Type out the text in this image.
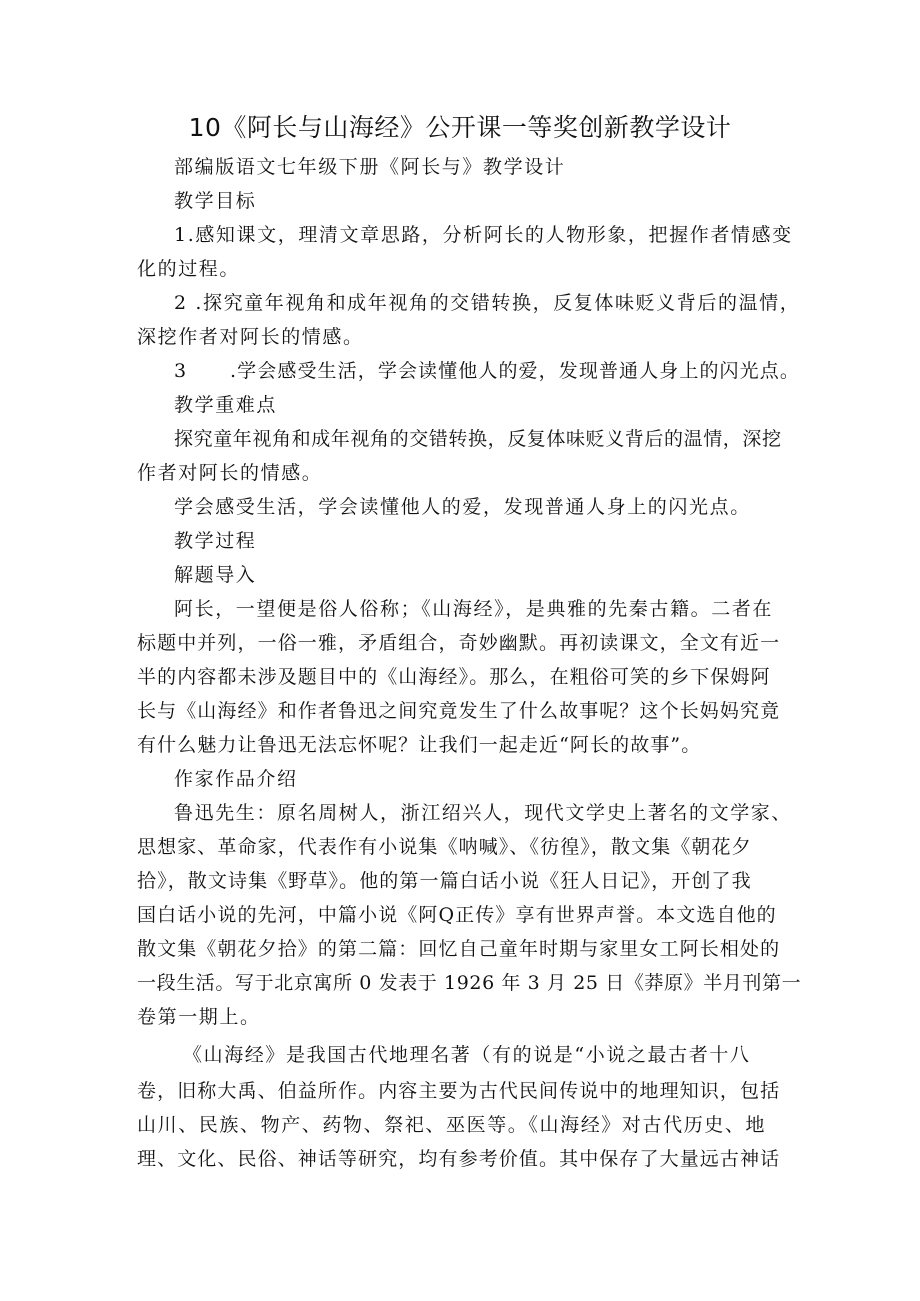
10《阿长与山海经》公开课一等奖创新教学设计
部编版语文七年级下册《阿长与》教学设计
教学目标
1.感知课文，理清文章思路，分析阿长的人物形象，把握作者情感变
化的过程。
2 .探究童年视角和成年视角的交错转换，反复体味贬义背后的温情，
深挖作者对阿长的情感。
3 .学会感受生活，学会读懂他人的爱，发现普通人身上的闪光点。
教学重难点
探究童年视角和成年视角的交错转换，反复体味贬义背后的温情，深挖
作者对阿长的情感。
学会感受生活，学会读懂他人的爱，发现普通人身上的闪光点。
教学过程
解题导入
阿长，一望便是俗人俗称；《山海经》，是典雅的先秦古籍。二者在
标题中并列，一俗一雅，矛盾组合，奇妙幽默。再初读课文，全文有近一
半的内容都未涉及题目中的《山海经》。那么，在粗俗可笑的乡下保姆阿
长与《山海经》和作者鲁迅之间究竟发生了什么故事呢？这个长妈妈究竟
有什么魅力让鲁迅无法忘怀呢？让我们一起走近“阿长的故事”。
作家作品介绍
鲁迅先生：原名周树人，浙江绍兴人，现代文学史上著名的文学家、
思想家、革命家，代表作有小说集《呐喊》、《彷徨》，散文集《朝花夕
拾》，散文诗集《野草》。他的第一篇白话小说《狂人日记》，开创了我
国白话小说的先河，中篇小说《阿Q正传》享有世界声誉。本文选自他的
散文集《朝花夕拾》的第二篇：回忆自己童年时期与家里女工阿长相处的
一段生活。写于北京寓所 0 发表于 1926 年 3 月 25 日《莽原》半月刊第一
卷第一期上。
《山海经》是我国古代地理名著（有的说是“小说之最古者十八
卷，旧称大禹、伯益所作。内容主要为古代民间传说中的地理知识，包括
山川、民族、物产、药物、祭祀、巫医等。《山海经》对古代历史、地
理、文化、民俗、神话等研究，均有参考价值。其中保存了大量远古神话
